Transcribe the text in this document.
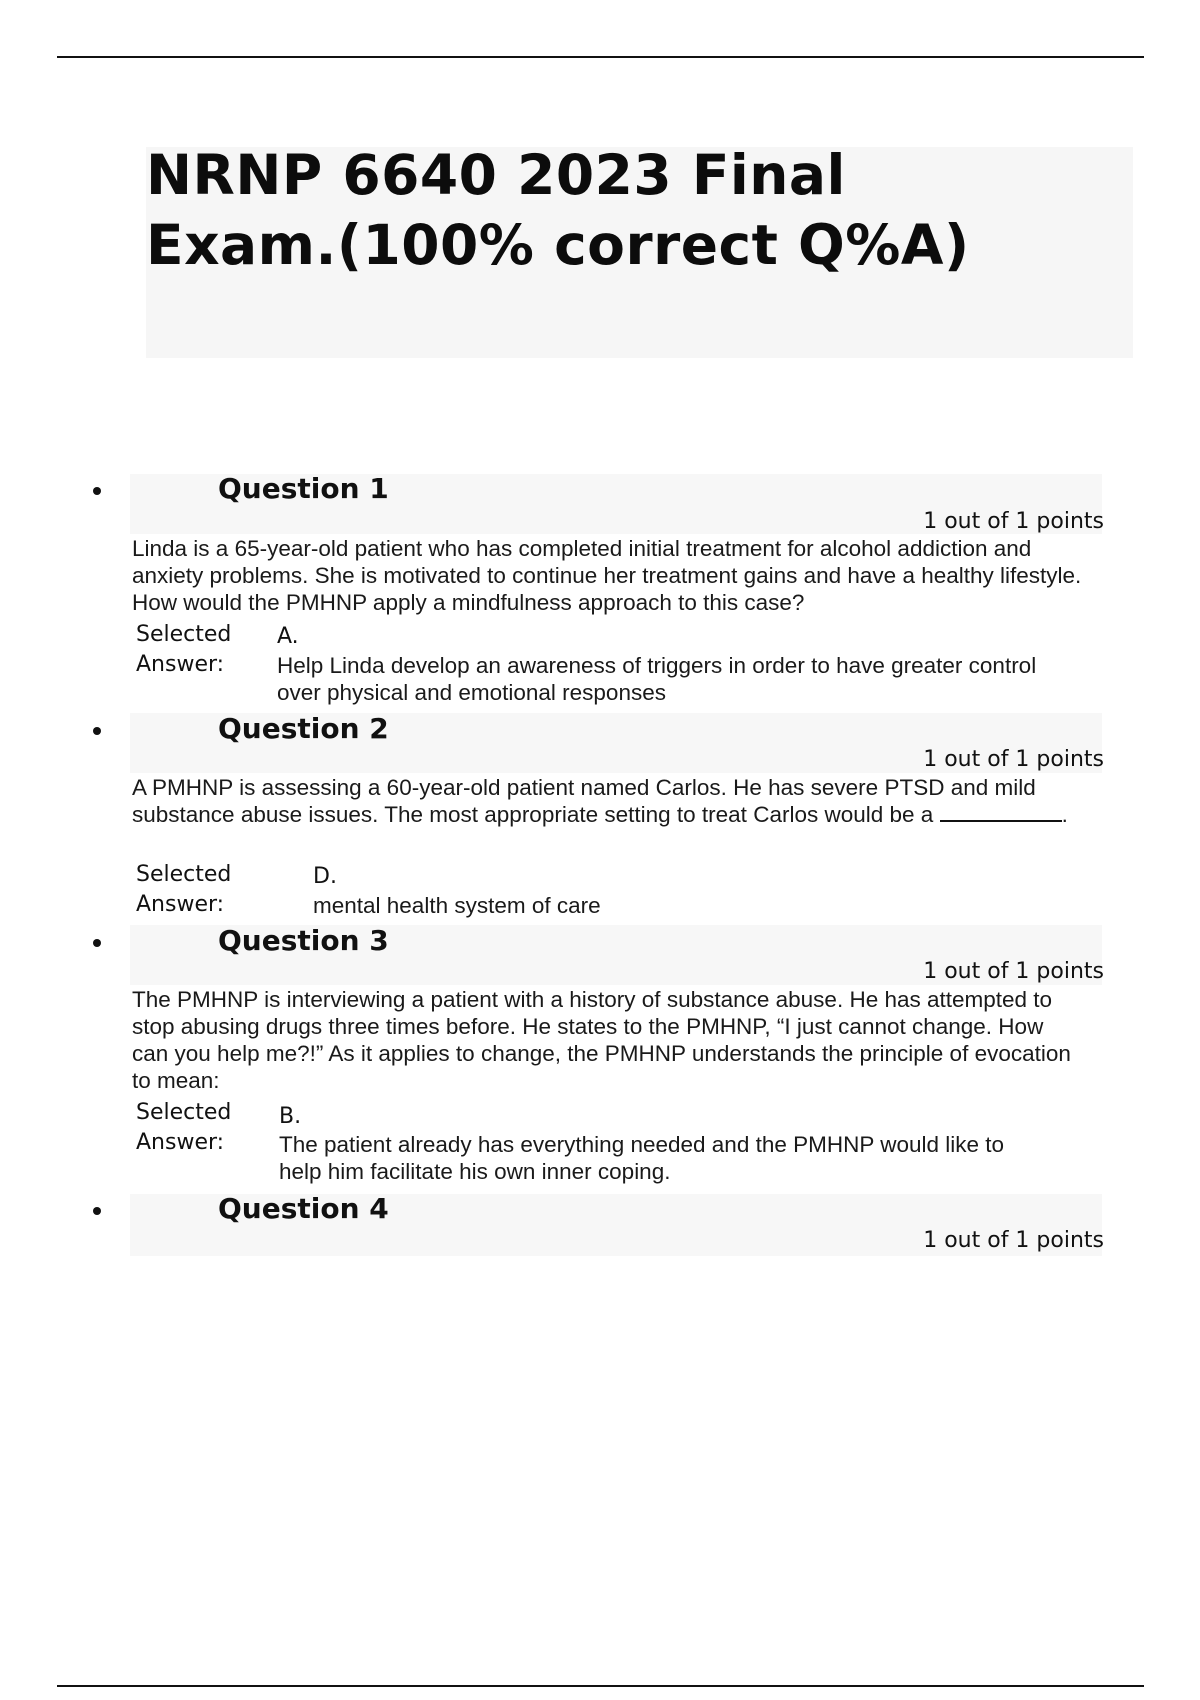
NRNP 6640 2023 Final
Exam.(100% correct Q%A)
Question 1
1 out of 1 points

Linda is a 65-year-old patient who has completed initial treatment for alcohol addiction and anxiety problems. She is motivated to continue her treatment gains and have a healthy lifestyle. How would the PMHNP apply a mindfulness approach to this case?

Selected
Answer:
A.

Help Linda develop an awareness of triggers in order to have greater control over physical and emotional responses

Question 2
1 out of 1 points

A PMHNP is assessing a 60-year-old patient named Carlos. He has severe PTSD and mild substance abuse issues. The most appropriate setting to treat Carlos would be a	.

Selected
Answer:
D.

mental health system of care

Question 3
1 out of 1 points

The PMHNP is interviewing a patient with a history of substance abuse. He has attempted to stop abusing drugs three times before. He states to the PMHNP, “I just cannot change. How can you help me?!” As it applies to change, the PMHNP understands the principle of evocation to mean:

Selected
Answer:
B.

The patient already has everything needed and the PMHNP would like to help him facilitate his own inner coping.

Question 4
1 out of 1 points
